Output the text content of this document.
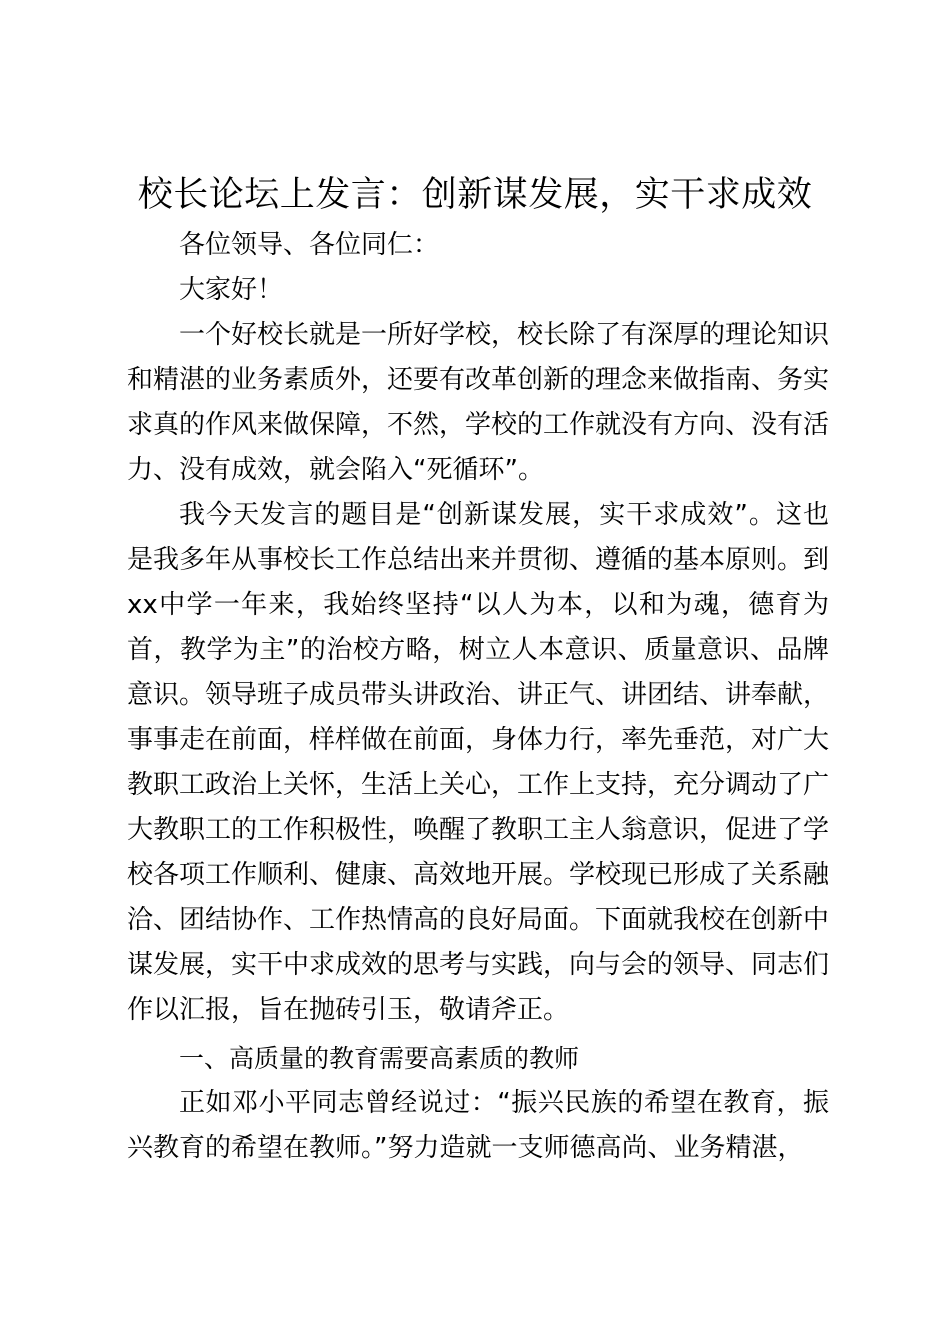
校长论坛上发言：创新谋发展，实干求成效

各位领导、各位同仁：

大家好！

一个好校长就是一所好学校，校长除了有深厚的理论知识和精湛的业务素质外，还要有改革创新的理念来做指南、务实求真的作风来做保障，不然，学校的工作就没有方向、没有活力、没有成效，就会陷入“死循环”。

我今天发言的题目是“创新谋发展，实干求成效”。这也是我多年从事校长工作总结出来并贯彻、遵循的基本原则。到xx中学一年来，我始终坚持“以人为本，以和为魂，德育为首，教学为主”的治校方略，树立人本意识、质量意识、品牌意识。领导班子成员带头讲政治、讲正气、讲团结、讲奉献，事事走在前面，样样做在前面，身体力行，率先垂范，对广大教职工政治上关怀，生活上关心，工作上支持，充分调动了广大教职工的工作积极性，唤醒了教职工主人翁意识，促进了学校各项工作顺利、健康、高效地开展。学校现已形成了关系融洽、团结协作、工作热情高的良好局面。下面就我校在创新中谋发展，实干中求成效的思考与实践，向与会的领导、同志们作以汇报，旨在抛砖引玉，敬请斧正。

一、高质量的教育需要高素质的教师

正如邓小平同志曾经说过：“振兴民族的希望在教育，振兴教育的希望在教师。”努力造就一支师德高尚、业务精湛，
